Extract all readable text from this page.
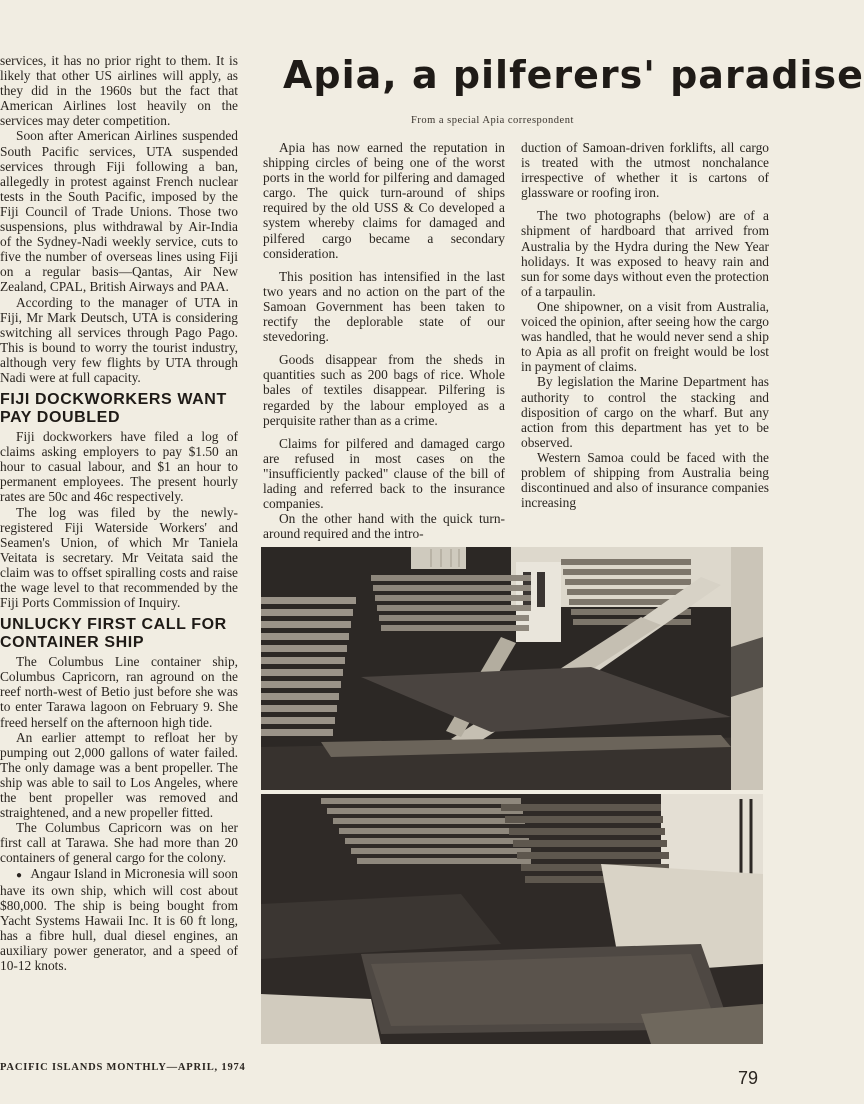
Apia, a pilferers' paradise
From a special Apia correspondent

services, it has no prior right to them. It is likely that other US airlines will apply, as they did in the 1960s but the fact that American Airlines lost heavily on the services may deter competition.

Soon after American Airlines suspended South Pacific services, UTA suspended services through Fiji following a ban, allegedly in protest against French nuclear tests in the South Pacific, imposed by the Fiji Council of Trade Unions. Those two suspensions, plus withdrawal by Air-India of the Sydney-Nadi weekly service, cuts to five the number of overseas lines using Fiji on a regular basis—Qantas, Air New Zealand, CPAL, British Airways and PAA.

According to the manager of UTA in Fiji, Mr Mark Deutsch, UTA is considering switching all services through Pago Pago. This is bound to worry the tourist industry, although very few flights by UTA through Nadi were at full capacity.

FIJI DOCKWORKERS WANT PAY DOUBLED

Fiji dockworkers have filed a log of claims asking employers to pay $1.50 an hour to casual labour, and $1 an hour to permanent employees. The present hourly rates are 50c and 46c respectively.

The log was filed by the newly-registered Fiji Waterside Workers' and Seamen's Union, of which Mr Taniela Veitata is secretary. Mr Veitata said the claim was to offset spiralling costs and raise the wage level to that recommended by the Fiji Ports Commission of Inquiry.

UNLUCKY FIRST CALL FOR CONTAINER SHIP

The Columbus Line container ship, Columbus Capricorn, ran aground on the reef north-west of Betio just before she was to enter Tarawa lagoon on February 9. She freed herself on the afternoon high tide.

An earlier attempt to refloat her by pumping out 2,000 gallons of water failed. The only damage was a bent propeller. The ship was able to sail to Los Angeles, where the bent propeller was removed and straightened, and a new propeller fitted.

The Columbus Capricorn was on her first call at Tarawa. She had more than 20 containers of general cargo for the colony.

● Angaur Island in Micronesia will soon have its own ship, which will cost about $80,000. The ship is being bought from Yacht Systems Hawaii Inc. It is 60 ft long, has a fibre hull, dual diesel engines, an auxiliary power generator, and a speed of 10-12 knots.

Apia has now earned the reputation in shipping circles of being one of the worst ports in the world for pilfering and damaged cargo. The quick turn-around of ships required by the old USS & Co developed a system whereby claims for damaged and pilfered cargo became a secondary consideration.

This position has intensified in the last two years and no action on the part of the Samoan Government has been taken to rectify the deplorable state of our stevedoring.

Goods disappear from the sheds in quantities such as 200 bags of rice. Whole bales of textiles disappear. Pilfering is regarded by the labour employed as a perquisite rather than as a crime.

Claims for pilfered and damaged cargo are refused in most cases on the "insufficiently packed" clause of the bill of lading and referred back to the insurance companies.

On the other hand with the quick turn-around required and the intro-

duction of Samoan-driven forklifts, all cargo is treated with the utmost nonchalance irrespective of whether it is cartons of glassware or roofing iron.

The two photographs (below) are of a shipment of hardboard that arrived from Australia by the Hydra during the New Year holidays. It was exposed to heavy rain and sun for some days without even the protection of a tarpaulin.

One shipowner, on a visit from Australia, voiced the opinion, after seeing how the cargo was handled, that he would never send a ship to Apia as all profit on freight would be lost in payment of claims.

By legislation the Marine Department has authority to control the stacking and disposition of cargo on the wharf. But any action from this department has yet to be observed.

Western Samoa could be faced with the problem of shipping from Australia being discontinued and also of insurance companies increasing

PACIFIC ISLANDS MONTHLY—APRIL, 1974
79
